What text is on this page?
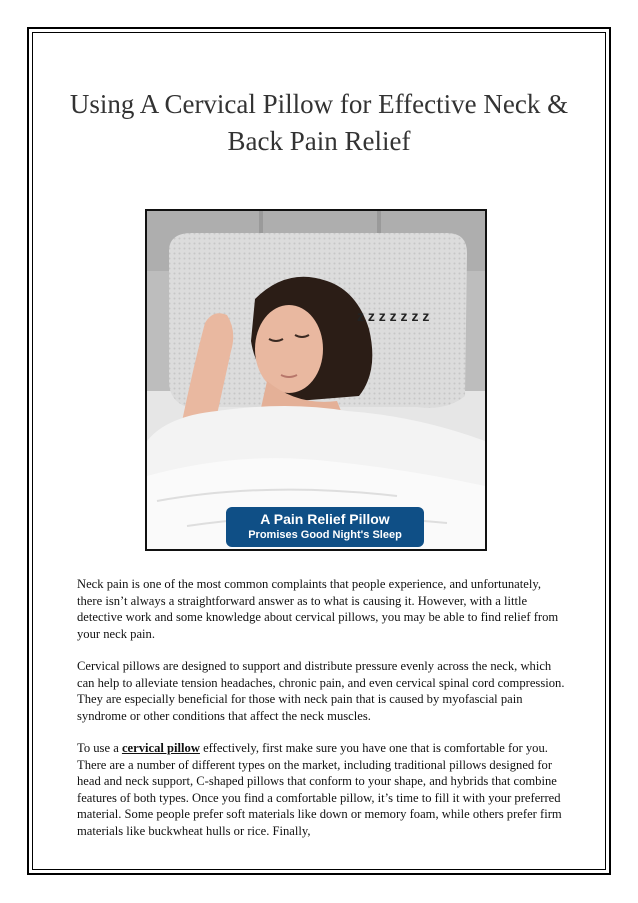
Using A Cervical Pillow for Effective Neck & Back Pain Relief
z z z z z z z
A Pain Relief Pillow
Promises Good Night's Sleep

Neck pain is one of the most common complaints that people experience, and unfortunately, there isn’t always a straightforward answer as to what is causing it. However, with a little detective work and some knowledge about cervical pillows, you may be able to find relief from your neck pain.

Cervical pillows are designed to support and distribute pressure evenly across the neck, which can help to alleviate tension headaches, chronic pain, and even cervical spinal cord compression. They are especially beneficial for those with neck pain that is caused by myofascial pain syndrome or other conditions that affect the neck muscles.

To use a cervical pillow effectively, first make sure you have one that is comfortable for you. There are a number of different types on the market, including traditional pillows designed for head and neck support, C-shaped pillows that conform to your shape, and hybrids that combine features of both types. Once you find a comfortable pillow, it’s time to fill it with your preferred material. Some people prefer soft materials like down or memory foam, while others prefer firm materials like buckwheat hulls or rice. Finally,
